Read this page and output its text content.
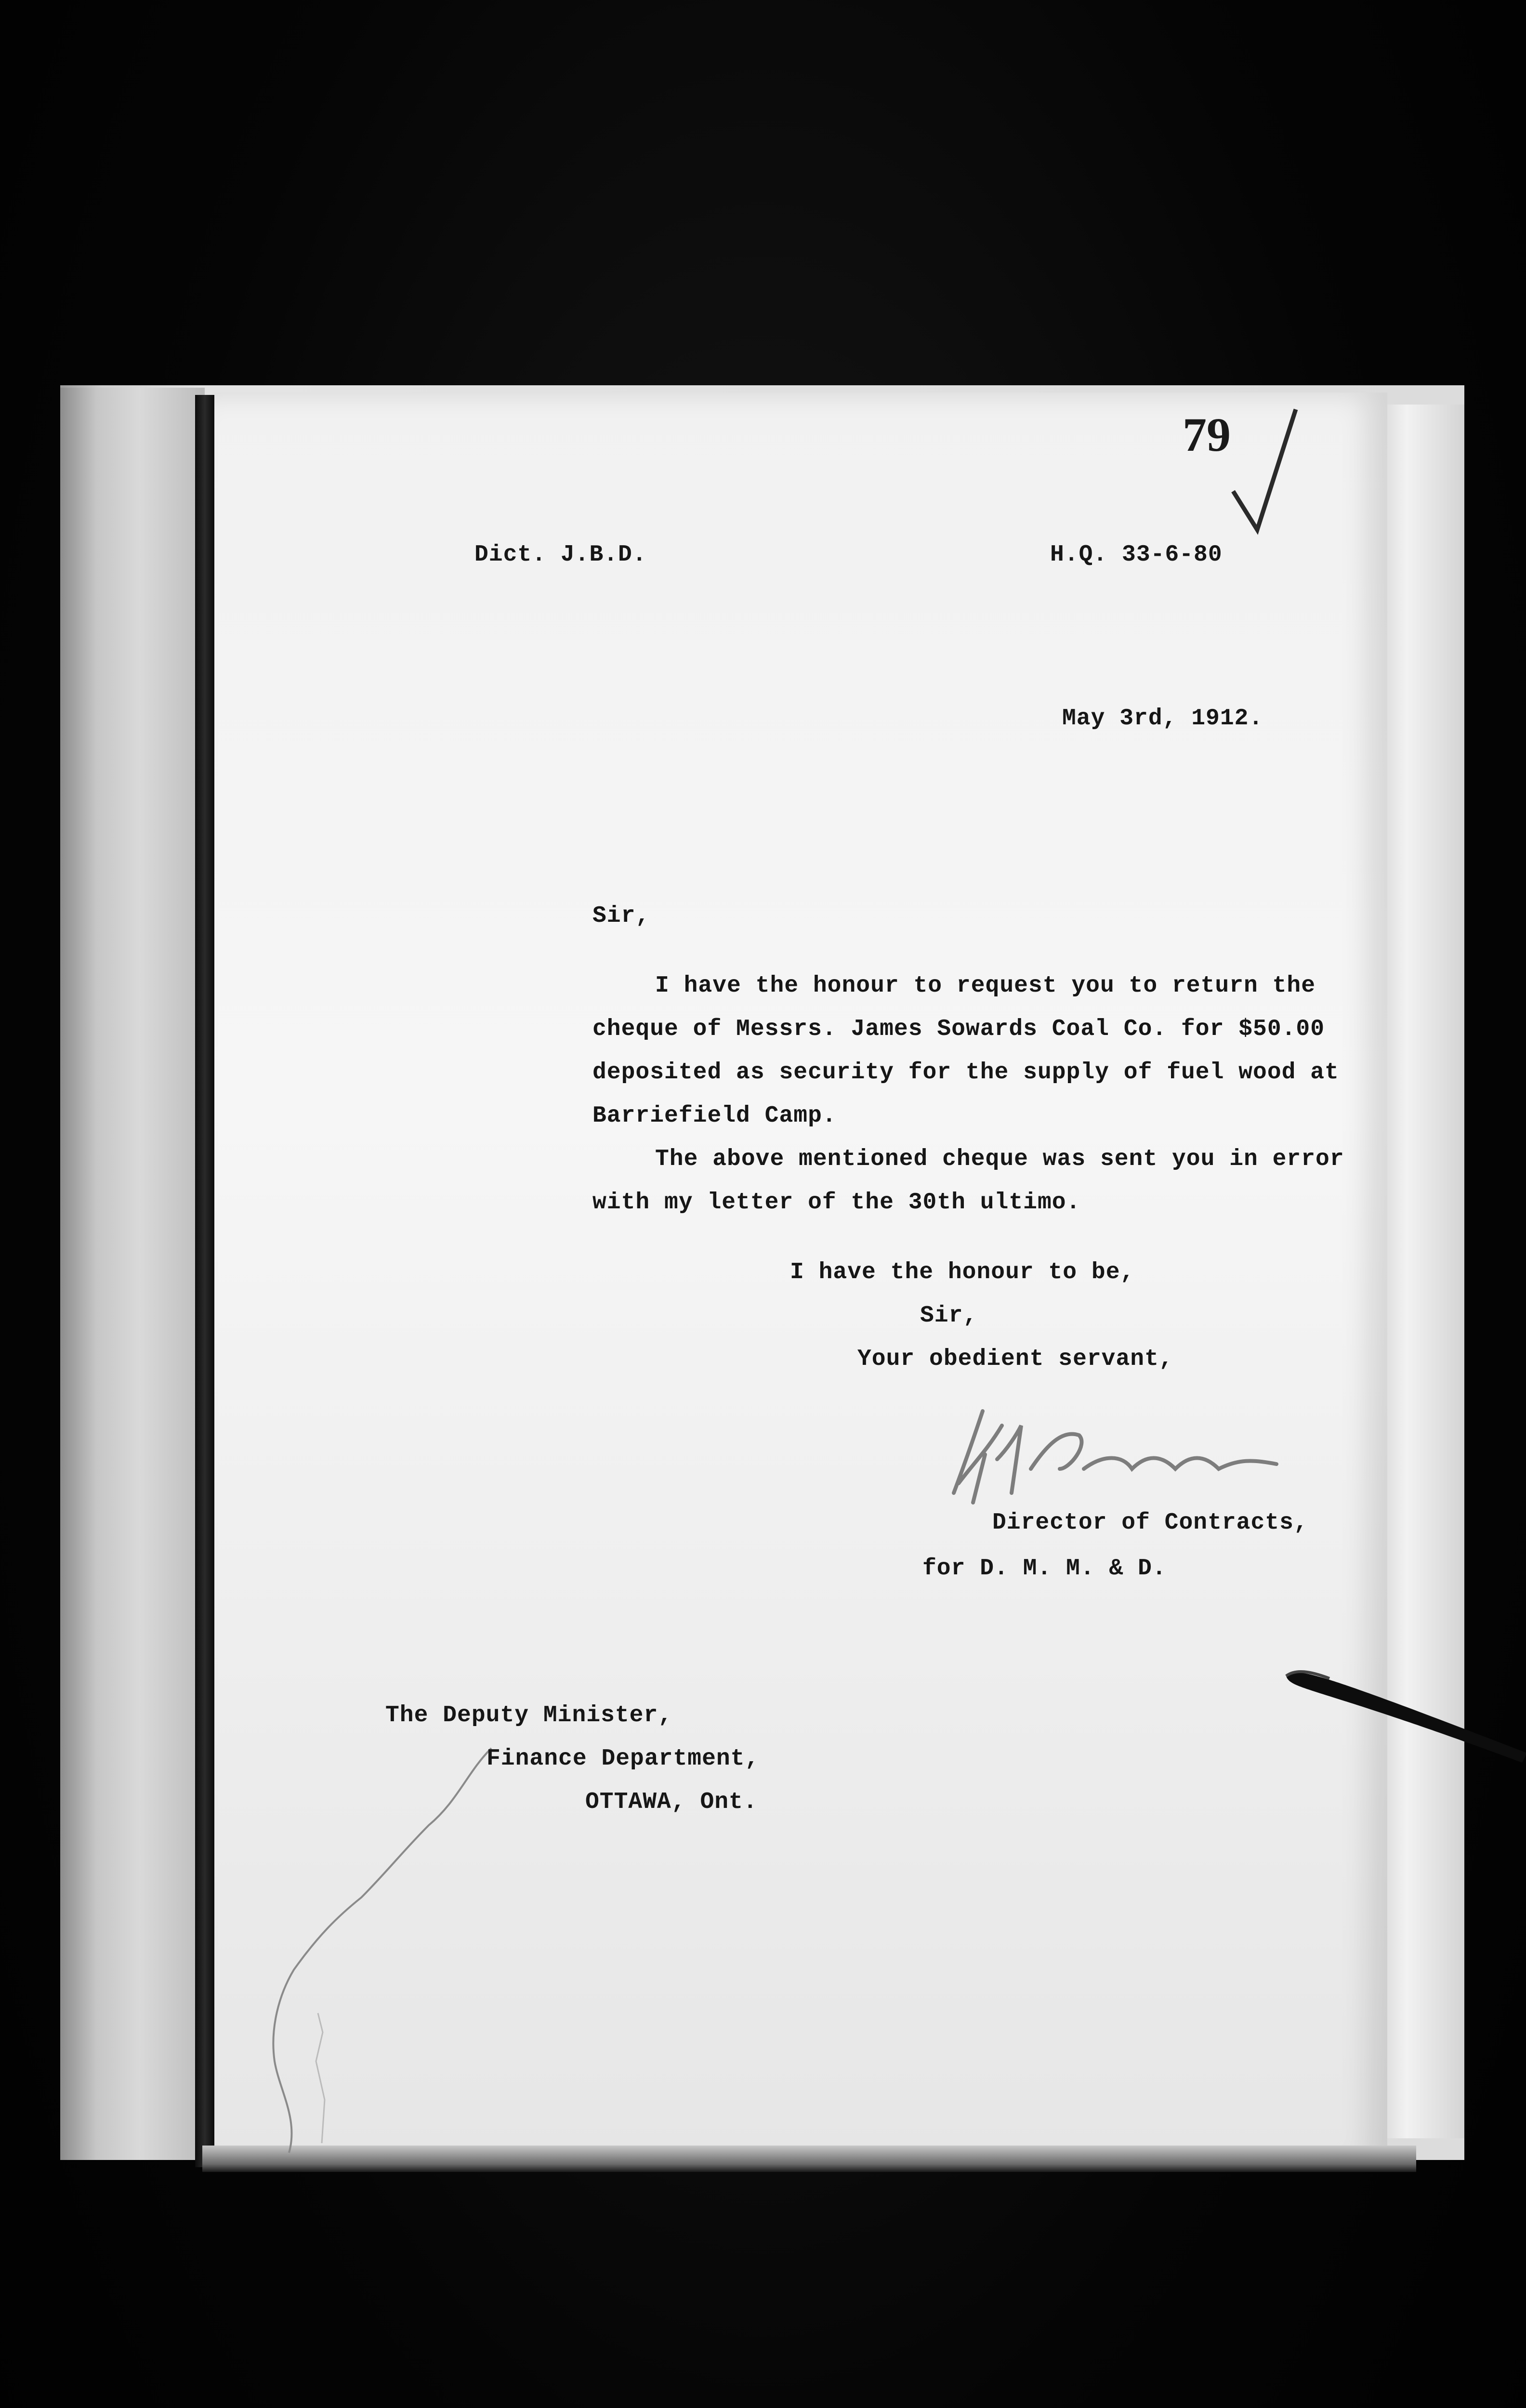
79
Dict. J.B.D.	H.Q. 33-6-80
May 3rd, 1912.
Sir,
I have the honour to request you to return the
cheque of Messrs. James Sowards Coal Co. for $50.00
deposited as security for the supply of fuel wood at
Barriefield Camp.
The above mentioned cheque was sent you in error
with my letter of the 30th ultimo.
I have the honour to be,
Sir,
Your obedient servant,
Director of Contracts,
for D. M. M. & D.
The Deputy Minister,
Finance Department,
OTTAWA, Ont.
